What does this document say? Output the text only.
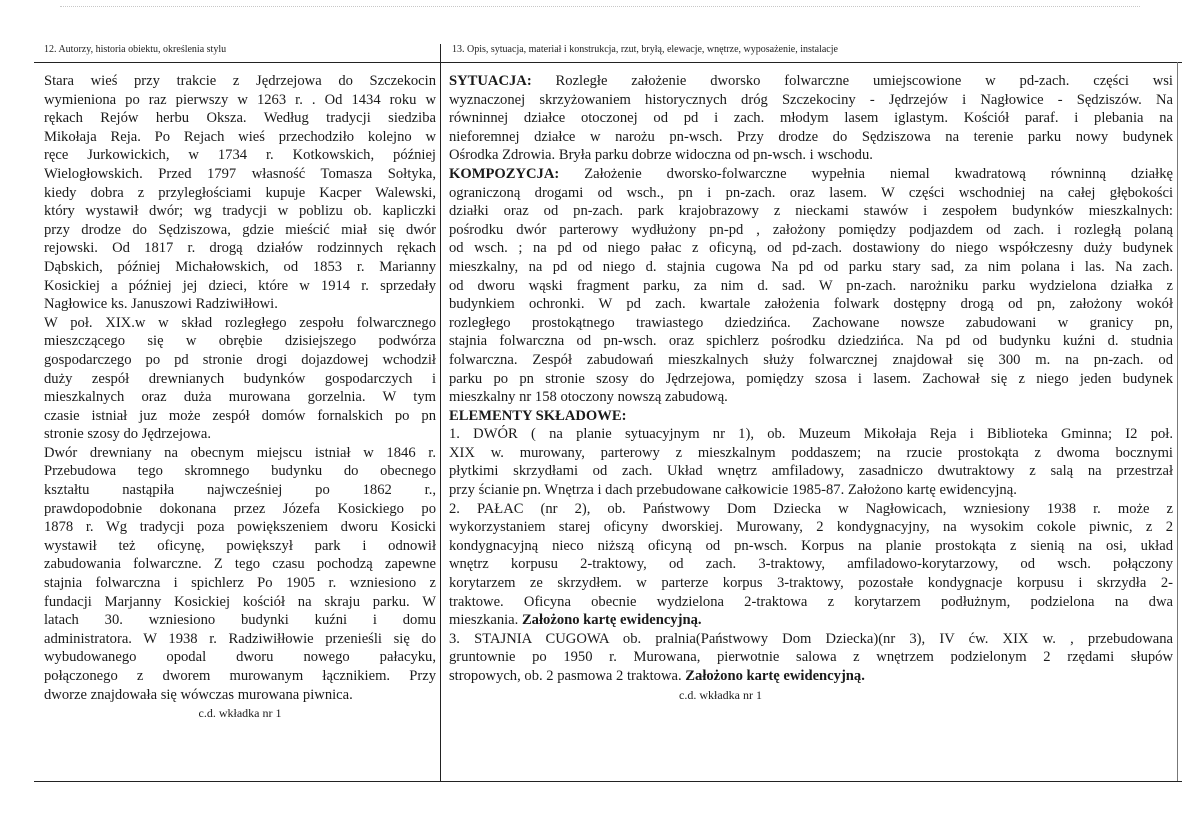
12. Autorzy, historia obiektu, określenia stylu	13. Opis, sytuacja, materiał i konstrukcja, rzut, bryłą, elewacje, wnętrze, wyposażenie, instalacje
Stara wieś przy trakcie z Jędrzejowa do Szczekocin
wymieniona po raz pierwszy w 1263 r. . Od 1434 roku w
rękach Rejów herbu Oksza. Według tradycji siedziba
Mikołaja Reja. Po Rejach wieś przechodziło kolejno w
ręce Jurkowickich, w 1734 r. Kotkowskich, później
Wielogłowskich. Przed 1797 własność Tomasza Sołtyka,
kiedy dobra z przyległościami kupuje Kacper Walewski,
który wystawił dwór; wg tradycji w poblizu ob. kapliczki
przy drodze do Sędziszowa, gdzie mieścić miał się dwór
rejowski. Od 1817 r. drogą działów rodzinnych rękach
Dąbskich, później Michałowskich, od 1853 r. Marianny
Kosickiej a później jej dzieci, które w 1914 r. sprzedały
Nagłowice ks. Januszowi Radziwiłłowi.
W poł. XIX.w w skład rozległego zespołu folwarcznego
mieszczącego się w obrębie dzisiejszego podwórza
gospodarczego po pd stronie drogi dojazdowej wchodził
duży zespół drewnianych budynków gospodarczych i
mieszkalnych oraz duża murowana gorzelnia. W tym
czasie istniał juz może zespół domów fornalskich po pn
stronie szosy do Jędrzejowa.
Dwór drewniany na obecnym miejscu istniał w 1846 r.
Przebudowa tego skromnego budynku do obecnego
kształtu nastąpiła najwcześniej po 1862 r.,
prawdopodobnie dokonana przez Józefa Kosickiego po
1878 r. Wg tradycji poza powiększeniem dworu Kosicki
wystawił też oficynę, powiększył park i odnowił
zabudowania folwarczne. Z tego czasu pochodzą zapewne
stajnia folwarczna i spichlerz Po 1905 r. wzniesiono z
fundacji Marjanny Kosickiej kościół na skraju parku. W
latach 30. wzniesiono budynki kuźni i domu
administratora. W 1938 r. Radziwiłłowie przenieśli się do
wybudowanego opodal dworu nowego pałacyku,
połączonego z dworem murowanym łącznikiem. Przy
dworze znajdowała się wówczas murowana piwnica.
c.d. wkładka nr 1
SYTUACJA: Rozległe założenie dworsko folwarczne umiejscowione w pd-zach. części wsi
wyznaczonej skrzyżowaniem historycznych dróg Szczekociny - Jędrzejów i Nagłowice - Sędziszów. Na
równinnej działce otoczonej od pd i zach. młodym lasem iglastym. Kościół paraf. i plebania na
nieforemnej działce w narożu pn-wsch. Przy drodze do Sędziszowa na terenie parku nowy budynek
Ośrodka Zdrowia. Bryła parku dobrze widoczna od pn-wsch. i wschodu.
KOMPOZYCJA: Założenie dworsko-folwarczne wypełnia niemal kwadratową równinną działkę
ograniczoną drogami od wsch., pn i pn-zach. oraz lasem. W części wschodniej na całej głębokości
działki oraz od pn-zach. park krajobrazowy z nieckami stawów i zespołem budynków mieszkalnych:
pośrodku dwór parterowy wydłużony pn-pd , założony pomiędzy podjazdem od zach. i rozległą polaną
od wsch. ; na pd od niego pałac z oficyną, od pd-zach. dostawiony do niego współczesny duży budynek
mieszkalny, na pd od niego d. stajnia cugowa Na pd od parku stary sad, za nim polana i las. Na zach.
od dworu wąski fragment parku, za nim d. sad. W pn-zach. narożniku parku wydzielona działka z
budynkiem ochronki. W pd zach. kwartale założenia folwark dostępny drogą od pn, założony wokół
rozległego prostokątnego trawiastego dziedzińca. Zachowane nowsze zabudowani w granicy pn,
stajnia folwarczna od pn-wsch. oraz spichlerz pośrodku dziedzińca. Na pd od budynku kuźni d. studnia
folwarczna. Zespół zabudowań mieszkalnych służy folwarcznej znajdował się 300 m. na pn-zach. od
parku po pn stronie szosy do Jędrzejowa, pomiędzy szosa i lasem. Zachował się z niego jeden budynek
mieszkalny nr 158 otoczony nowszą zabudową.
ELEMENTY SKŁADOWE:
1. DWÓR ( na planie sytuacyjnym nr 1), ob. Muzeum Mikołaja Reja i Biblioteka Gminna; I2 poł.
XIX w. murowany, parterowy z mieszkalnym poddaszem; na rzucie prostokąta z dwoma bocznymi
płytkimi skrzydłami od zach. Układ wnętrz amfiladowy, zasadniczo dwutraktowy z salą na przestrzał
przy ścianie pn. Wnętrza i dach przebudowane całkowicie 1985-87. Założono kartę ewidencyjną.
2. PAŁAC (nr 2), ob. Państwowy Dom Dziecka w Nagłowicach, wzniesiony 1938 r. może z
wykorzystaniem starej oficyny dworskiej. Murowany, 2 kondygnacyjny, na wysokim cokole piwnic, z 2
kondygnacyjną nieco niższą oficyną od pn-wsch. Korpus na planie prostokąta z sienią na osi, układ
wnętrz korpusu 2-traktowy, od zach. 3-traktowy, amfiladowo-korytarzowy, od wsch. połączony
korytarzem ze skrzydłem. w parterze korpus 3-traktowy, pozostałe kondygnacje korpusu i skrzydła 2-
traktowe. Oficyna obecnie wydzielona 2-traktowa z korytarzem podłużnym, podzielona na dwa
mieszkania. Założono kartę ewidencyjną.
3. STAJNIA CUGOWA ob. pralnia(Państwowy Dom Dziecka)(nr 3), IV ćw. XIX w. , przebudowana
gruntownie po 1950 r. Murowana, pierwotnie salowa z wnętrzem podzielonym 2 rzędami słupów
stropowych, ob. 2 pasmowa 2 traktowa. Założono kartę ewidencyjną.
c.d. wkładka nr 1
